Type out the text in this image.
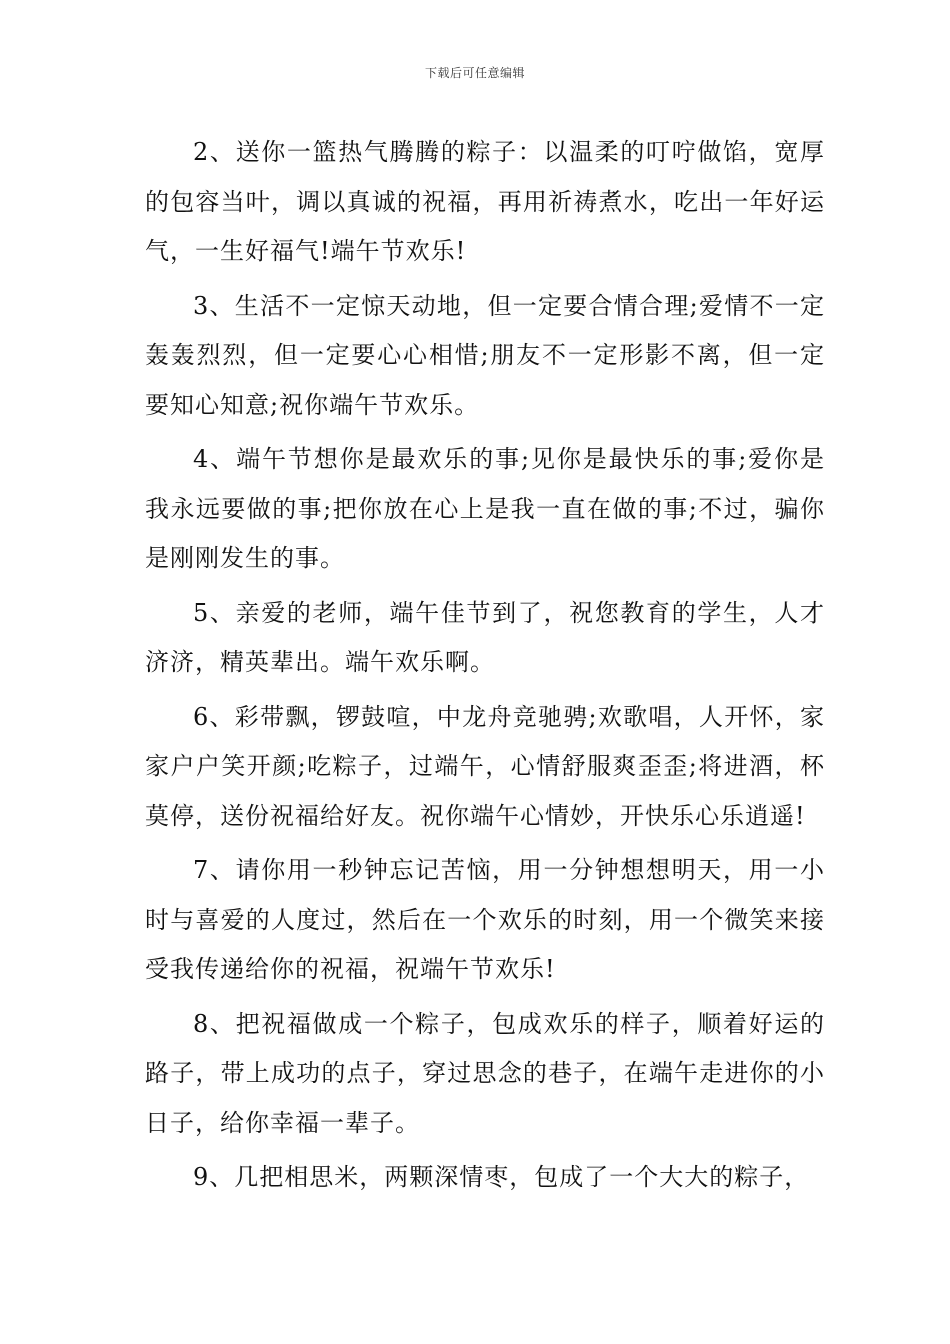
下载后可任意编辑

2、送你一篮热气腾腾的粽子：以温柔的叮咛做馅，宽厚的包容当叶，调以真诚的祝福，再用祈祷煮水，吃出一年好运气，一生好福气!端午节欢乐!

3、生活不一定惊天动地，但一定要合情合理;爱情不一定轰轰烈烈，但一定要心心相惜;朋友不一定形影不离，但一定要知心知意;祝你端午节欢乐。

4、端午节想你是最欢乐的事;见你是最快乐的事;爱你是我永远要做的事;把你放在心上是我一直在做的事;不过，骗你是刚刚发生的事。

5、亲爱的老师，端午佳节到了，祝您教育的学生，人才济济，精英辈出。端午欢乐啊。

6、彩带飘，锣鼓喧，中龙舟竞驰骋;欢歌唱，人开怀，家家户户笑开颜;吃粽子，过端午，心情舒服爽歪歪;将进酒，杯莫停，送份祝福给好友。祝你端午心情妙，开快乐心乐逍遥!

7、请你用一秒钟忘记苦恼，用一分钟想想明天，用一小时与喜爱的人度过，然后在一个欢乐的时刻，用一个微笑来接受我传递给你的祝福，祝端午节欢乐!

8、把祝福做成一个粽子，包成欢乐的样子，顺着好运的路子，带上成功的点子，穿过思念的巷子，在端午走进你的小日子，给你幸福一辈子。

9、几把相思米，两颗深情枣，包成了一个大大的粽子，
